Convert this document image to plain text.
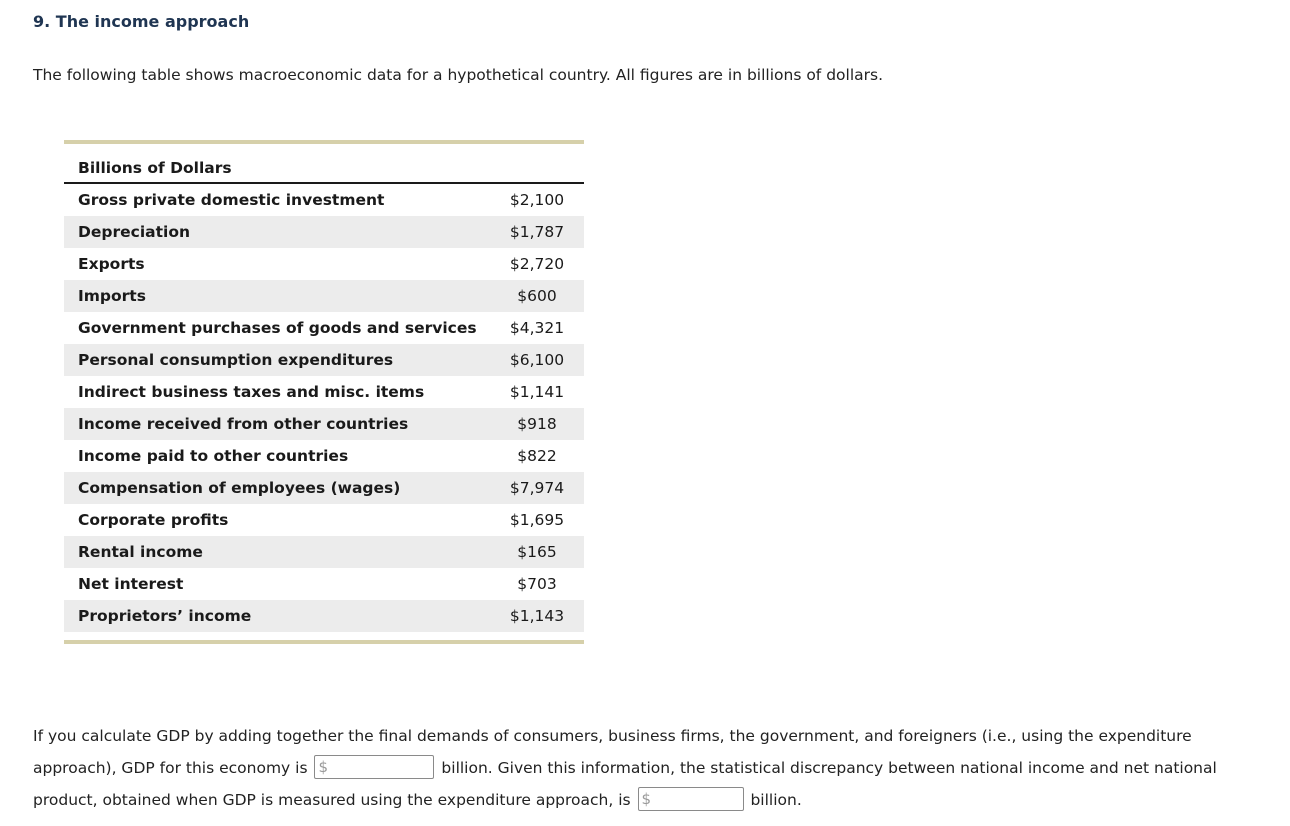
9. The income approach

The following table shows macroeconomic data for a hypothetical country. All figures are in billions of dollars.

Billions of Dollars	
Gross private domestic investment	$2,100
Depreciation	$1,787
Exports	$2,720
Imports	$600
Government purchases of goods and services	$4,321
Personal consumption expenditures	$6,100
Indirect business taxes and misc. items	$1,141
Income received from other countries	$918
Income paid to other countries	$822
Compensation of employees (wages)	$7,974
Corporate profits	$1,695
Rental income	$165
Net interest	$703
Proprietors’ income	$1,143

If you calculate GDP by adding together the final demands of consumers, business firms, the government, and foreigners (i.e., using the expenditure approach), GDP for this economy is $	billion. Given this information, the statistical discrepancy between national income and net national product, obtained when GDP is measured using the expenditure approach, is $	billion.
